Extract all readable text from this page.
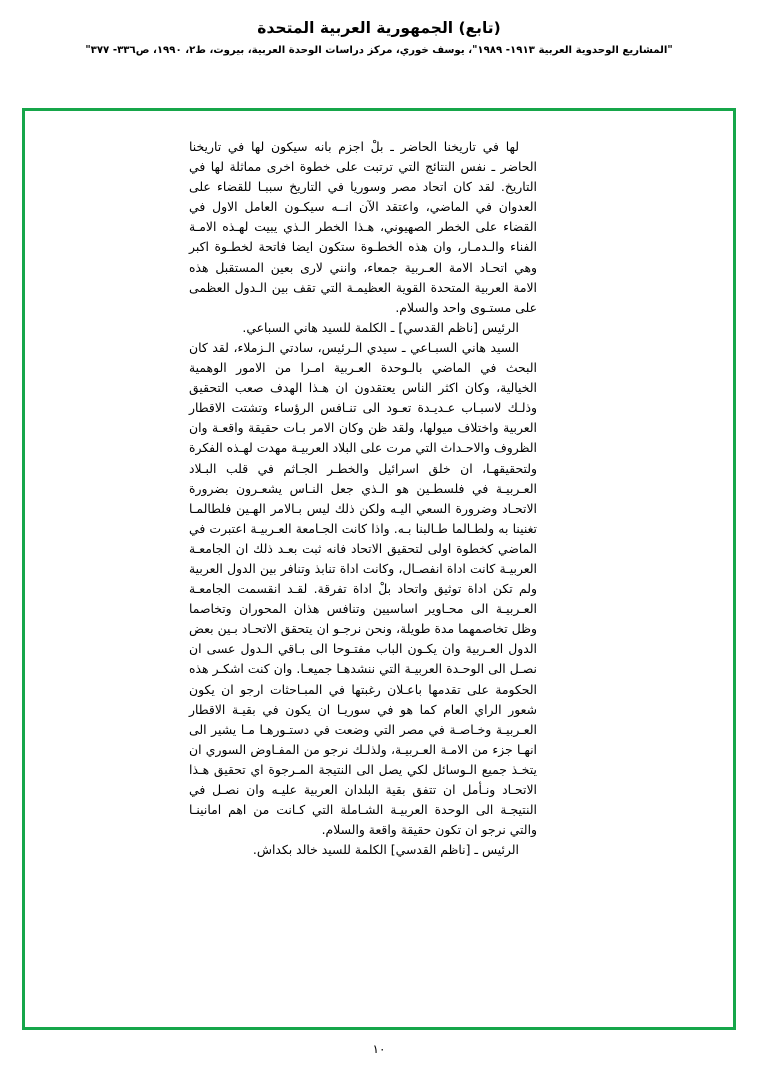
(تابع) الجمهورية العربية المتحدة
"المشاريع الوحدوية العربية ١٩١٣- ١٩٨٩"، يوسف خوري، مركز دراسات الوحدة العربية، بيروت، ط٢، ١٩٩٠، ص٣٣٦- ٣٧٧"

لها في تاريخنا الحاضر ـ بلْ اجزم بانه سيكون لها في تاريخنا الحاضر ـ نفس النتائج التي ترتبت على خطوة اخرى مماثلة لها في التاريخ. لقد كان اتحاد مصر وسوريا في التاريخ سببـا للقضاء على العدوان في الماضي، واعتقد الآن انــه سيكـون العامل الاول في القضاء على الخطر الصهيوني، هـذا الخطر الـذي يبيت لهـذه الامـة الفناء والـدمـار، وان هذه الخطـوة ستكون ايضا فاتحة لخطـوة اكبر وهي اتحـاد الامة العـربية جمعاء، وانني لارى بعين المستقبل هذه الامة العربية المتحدة القوية العظيمـة التي تقف بين الـدول العظمى على مستـوى واحد والسلام.

الرئيس [ناظم القدسي] ـ الكلمة للسيد هاني السباعي.

السيد هاني السبـاعي ـ سيدي الـرئيس، سادتي الـزملاء، لقد كان البحث في الماضي بالـوحدة العـربية امـرا من الامور الوهمية الخيالية، وكان اكثر الناس يعتقدون ان هـذا الهدف صعب التحقيق وذلـك لاسبـاب عـديـدة تعـود الى تنـافس الرؤساء وتشتت الاقطار العربية واختلاف ميولها، ولقد ظن وكان الامر بـات حقيقة واقعـة وان الظروف والاحـداث التي مرت على البلاد العربيـة مهدت لهـذه الفكرة ولتحقيقهـا، ان خلق اسرائيل والخطـر الجـاثم في قلب البـلاد العـربيـة في فلسطـين هو الـذي جعل النـاس يشعـرون بضرورة الاتحـاد وضرورة السعي اليـه ولكن ذلك ليس بـالامر الهـين فلطالمـا تغنينا به ولطـالما طـالبنا بـه. واذا كانت الجـامعة العـربيـة اعتبرت في الماضي كخطوة اولى لتحقيق الاتحاد فانه ثبت بعـد ذلك ان الجامعـة العربيـة كانت اداة انفصـال، وكانت اداة تنابذ وتنافر بين الدول العربية ولم تكن اداة توثيق واتحاد بلْ اداة تفرقة. لقـد انقسمت الجامعـة العـربيـة الى محـاوير اساسيين وتنافس هذان المحوران وتخاصما وظل تخاصمهما مدة طويلة، ونحن نرجـو ان يتحقق الاتحـاد بـين بعض الدول العـربية وان يكـون الباب مفتـوحا الى بـاقي الـدول عسى ان نصـل الى الوحـدة العربيـة التي ننشدهـا جميعـا. وان كنت اشكـر هذه الحكومة على تقدمها باعـلان رغبتها في المبـاحثات ارجو ان يكون شعور الراي العام كما هو في سوريـا ان يكون في بقيـة الاقطار العـربيـة وخـاصـة في مصر التي وضعت في دستـورهـا مـا يشير الى انهـا جزء من الامـة العـربيـة، ولذلـك نرجو من المفـاوض السوري ان يتخـذ جميع الـوسائل لكي يصل الى النتيجة المـرجوة اي تحقيق هـذا الاتحـاد ونـأمل ان تتفق بقية البلدان العربية عليـه وان نصـل في النتيجـة الى الوحدة العربيـة الشـاملة التي كـانت من اهم امانينـا والتي نرجو ان تكون حقيقة واقعة والسلام.

الرئيس ـ [ناظم القدسي] الكلمة للسيد خالد بكداش.

١٠
